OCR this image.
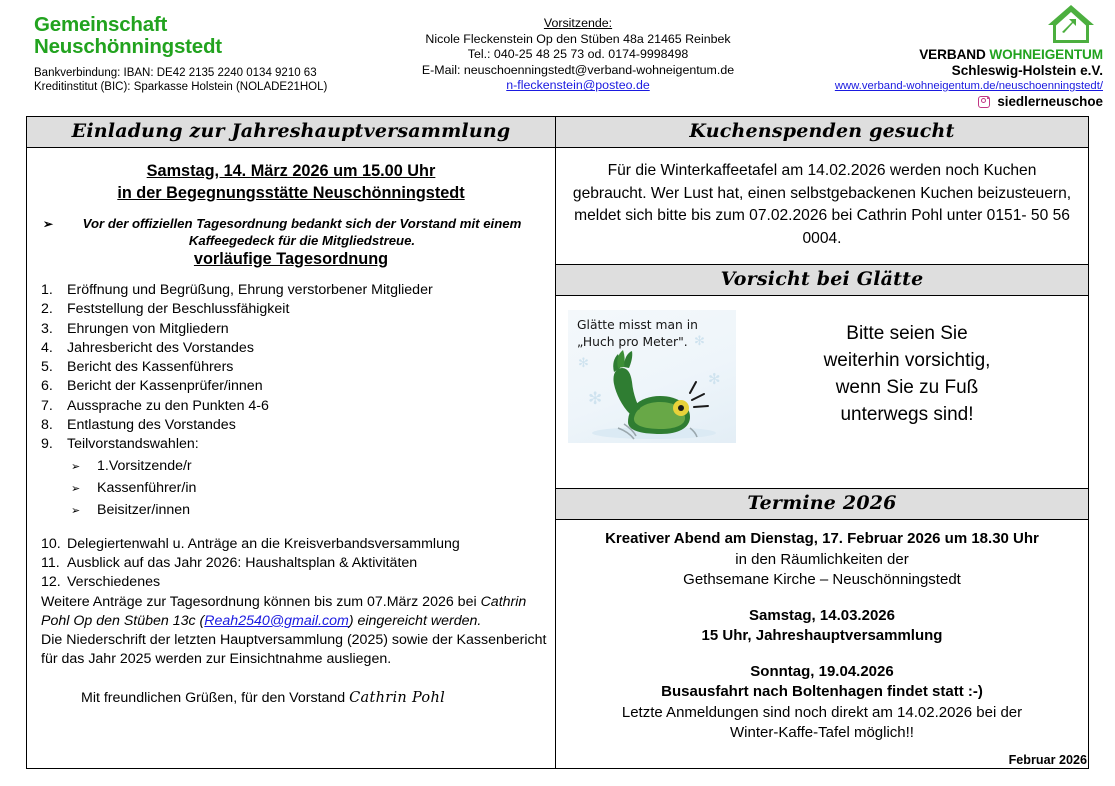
Gemeinschaft
Neuschönningstedt
Bankverbindung: IBAN: DE42 2135 2240 0134 9210 63
Kreditinstitut (BIC): Sparkasse Holstein (NOLADE21HOL)
Vorsitzende:
Nicole Fleckenstein Op den Stüben 48a 21465 Reinbek
Tel.: 040-25 48 25 73 od. 0174-9998498
E-Mail: neuschoenningstedt@verband-wohneigentum.de
n-fleckenstein@posteo.de
VERBAND WOHNEIGENTUM
Schleswig-Holstein e.V.
www.verband-wohneigentum.de/neuschoenningstedt/
siedlerneuschoe
Einladung zur Jahreshauptversammlung
Samstag, 14. März 2026 um 15.00 Uhr
in der Begegnungsstätte Neuschönningstedt
➢	Vor der offiziellen Tagesordnung bedankt sich der Vorstand mit einem Kaffeegedeck für die Mitgliedstreue.
vorläufige Tagesordnung
1. Eröffnung und Begrüßung, Ehrung verstorbener Mitglieder
2. Feststellung der Beschlussfähigkeit
3. Ehrungen von Mitgliedern
4. Jahresbericht des Vorstandes
5. Bericht des Kassenführers
6. Bericht der Kassenprüfer/innen
7. Aussprache zu den Punkten 4-6
8. Entlastung des Vorstandes
9. Teilvorstandswahlen:
➢	1.Vorsitzende/r
➢	Kassenführer/in
➢	Beisitzer/innen
10. Delegiertenwahl u. Anträge an die Kreisverbandsversammlung
11. Ausblick auf das Jahr 2026: Haushaltsplan & Aktivitäten
12. Verschiedenes
Weitere Anträge zur Tagesordnung können bis zum 07.März 2026 bei Cathrin Pohl Op den Stüben 13c (Reah2540@gmail.com) eingereicht werden.
Die Niederschrift der letzten Hauptversammlung (2025) sowie der Kassenbericht für das Jahr 2025 werden zur Einsichtnahme ausliegen.
Mit freundlichen Grüßen, für den Vorstand Cathrin Pohl
Kuchenspenden gesucht
Für die Winterkaffeetafel am 14.02.2026 werden noch Kuchen gebraucht. Wer Lust hat, einen selbstgebackenen Kuchen beizusteuern, meldet sich bitte bis zum 07.02.2026 bei Cathrin Pohl unter 0151- 50 56 0004.
Vorsicht bei Glätte
✻
✻
✻
✻
Glätte misst man in
„Huch pro Meter".	Bitte seien Sie
weiterhin vorsichtig,
wenn Sie zu Fuß
unterwegs sind!
Termine 2026
Kreativer Abend am Dienstag, 17. Februar 2026 um 18.30 Uhr
in den Räumlichkeiten der
Gethsemane Kirche – Neuschönningstedt
Samstag, 14.03.2026
15 Uhr, Jahreshauptversammlung
Sonntag, 19.04.2026
Busausfahrt nach Boltenhagen findet statt :-)
Letzte Anmeldungen sind noch direkt am 14.02.2026 bei der
Winter-Kaffe-Tafel möglich!!
Februar 2026
